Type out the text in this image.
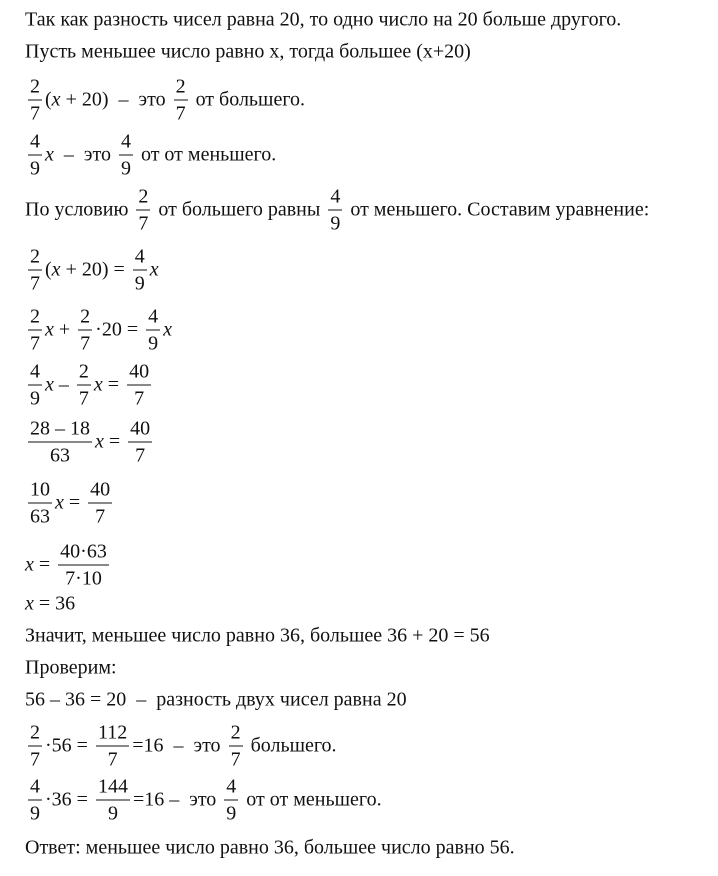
Так как разность чисел равна 20, то одно число на 20 больше другого.
Пусть меньшее число равно x, тогда большее (x+20)
$\frac{2}{7}$ ( x + 20)  –  это $\frac{2}{7}$ от большего.
$\frac{4}{9}$ x –  это $\frac{4}{9}$ от от меньшего.
По условию $\frac{2}{7}$ от большего равны $\frac{4}{9}$ от меньшего. Составим уравнение:
$\frac{2}{7}$ ( $x + 20) = \frac{4}{9}$ x
$\frac{2}{7}$ $x + \frac{2}{7} \cdot 20 = \frac{4}{9}$ x
$\frac{4}{9}$ x – $\frac{2}{7}$ $x = \frac{40}{7}$
$\frac{28 - 18}{63}$ $x = \frac{40}{7}$
$\frac{10}{63}$ $x = \frac{40}{7}$
$x = \frac{40\cdot 63}{7\cdot 10}$
x = 36
Значит, меньшее число равно 36, большее 36 + 20 = 56
Проверим:
56 – 36 = 20  –  разность двух чисел равна 20
$\frac{2}{7} \cdot 56 = \frac{112}{7} =16$  –  это $\frac{2}{7}$ большего.
$\frac{4}{9} \cdot 36 = \frac{144}{9} =16$ –  это $\frac{4}{9}$ от от меньшего.
Ответ: меньшее число равно 36, большее число равно 56.
